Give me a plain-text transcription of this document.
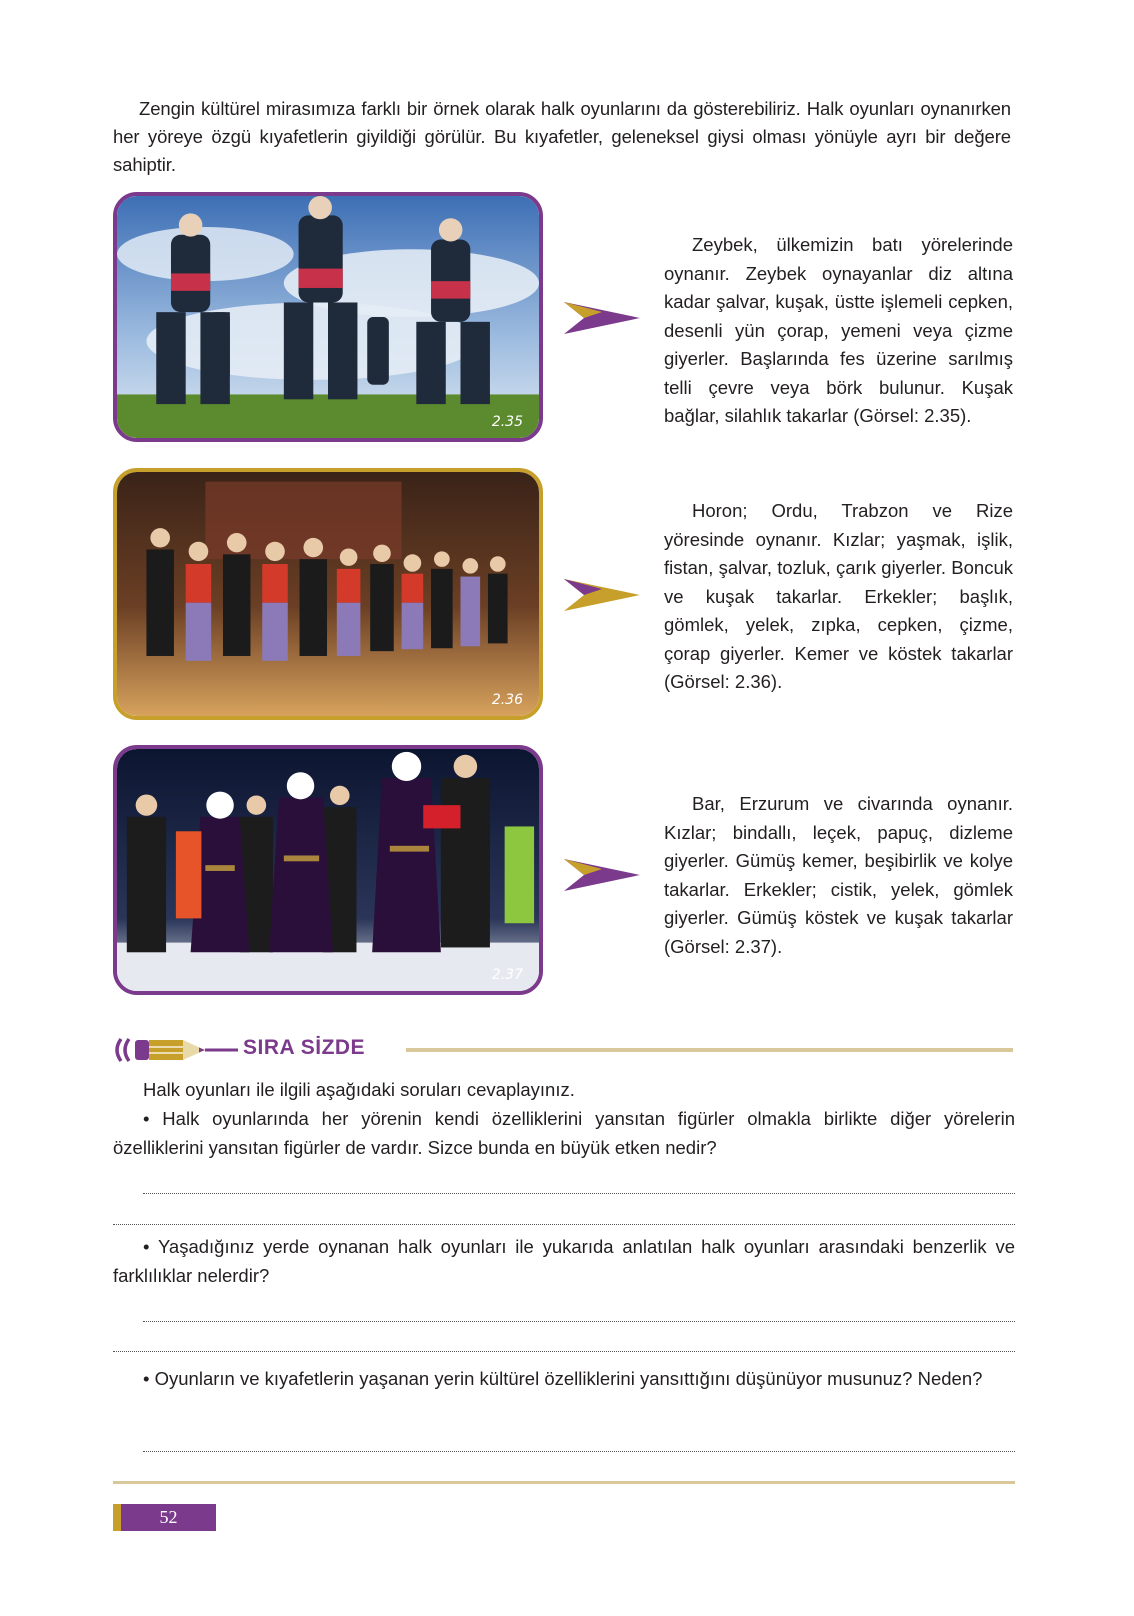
Zengin kültürel mirasımıza farklı bir örnek olarak halk oyunlarını da gösterebiliriz. Halk oyunları oynanırken her yöreye özgü kıyafetlerin giyildiği görülür. Bu kıyafetler, geleneksel giysi olması yönüyle ayrı bir değere sahiptir.

2.35

Zeybek, ülkemizin batı yörelerinde oynanır. Zeybek oynayanlar diz altına kadar şalvar, kuşak, üstte işlemeli cepken, desenli yün çorap, yemeni veya çizme giyerler. Başlarında fes üzerine sarılmış telli çevre veya börk bulunur. Kuşak bağlar, silahlık takarlar (Görsel: 2.35).

2.36

Horon; Ordu, Trabzon ve Rize yöresinde oynanır. Kızlar; yaşmak, işlik, fistan, şalvar, tozluk, çarık giyerler. Boncuk ve kuşak takarlar. Erkekler; başlık, gömlek, yelek, zıpka, cepken, çizme, çorap giyerler. Kemer ve köstek takarlar (Görsel: 2.36).

2.37

Bar, Erzurum ve civarında oynanır. Kızlar; bindallı, leçek, papuç, dizleme giyerler. Gümüş kemer, beşibirlik ve kolye takarlar. Erkekler; cistik, yelek, gömlek giyerler. Gümüş köstek ve kuşak takarlar (Görsel: 2.37).

SIRA SİZDE

Halk oyunları ile ilgili aşağıdaki soruları cevaplayınız.

• Halk oyunlarında her yörenin kendi özelliklerini yansıtan figürler olmakla birlikte diğer yörelerin özelliklerini yansıtan figürler de vardır. Sizce bunda en büyük etken nedir?

• Yaşadığınız yerde oynanan halk oyunları ile yukarıda anlatılan halk oyunları arasındaki benzerlik ve farklılıklar nelerdir?

• Oyunların ve kıyafetlerin yaşanan yerin kültürel özelliklerini yansıttığını düşünüyor musunuz? Neden?

52
